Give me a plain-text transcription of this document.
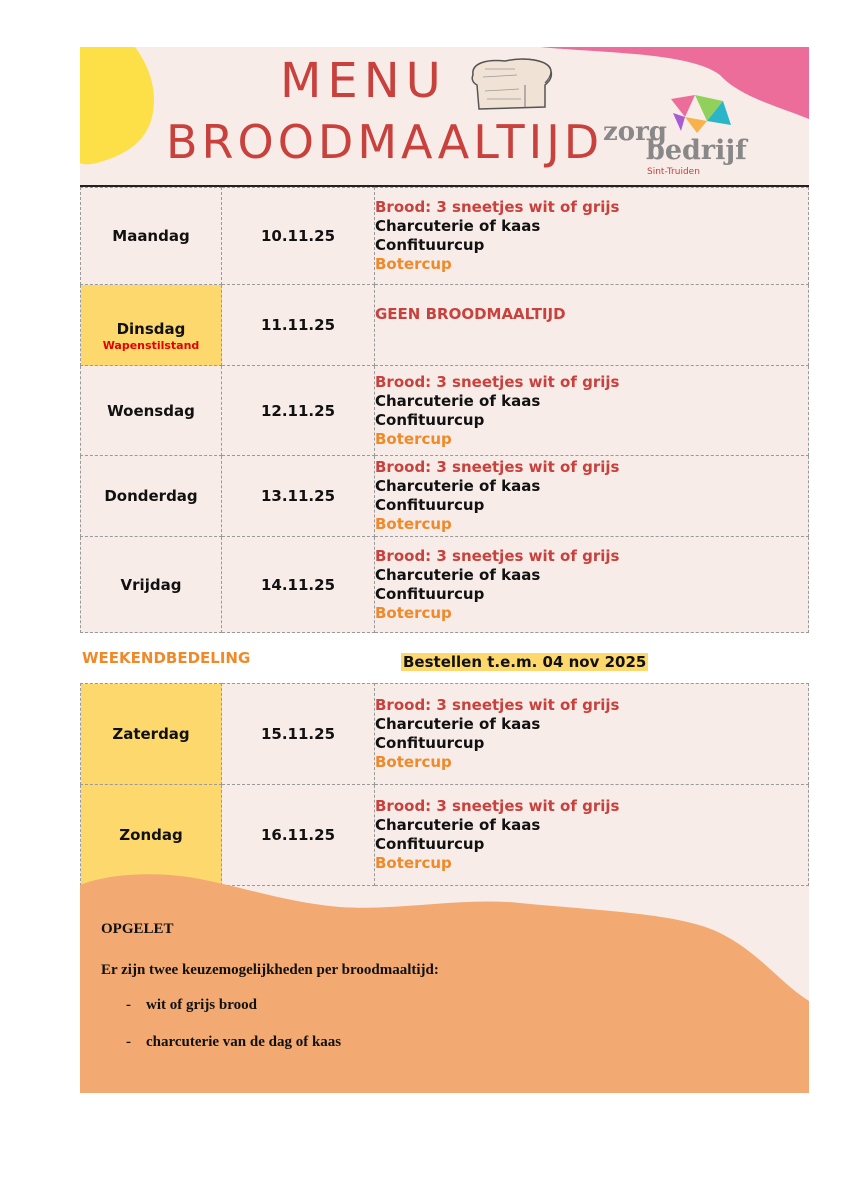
MENU
BROODMAALTIJD zorg
bedrijf
Sint-Truiden
Maandag	10.11.25	Brood: 3 sneetjes wit of grijs
Charcuterie of kaas
Confituurcup
Botercup

Dinsdag
Wapenstilstand	11.11.25	GEEN BROODMAALTIJD

Woensdag	12.11.25	Brood: 3 sneetjes wit of grijs
Charcuterie of kaas
Confituurcup
Botercup

Donderdag	13.11.25	Brood: 3 sneetjes wit of grijs
Charcuterie of kaas
Confituurcup
Botercup

Vrijdag	14.11.25	Brood: 3 sneetjes wit of grijs
Charcuterie of kaas
Confituurcup
Botercup
WEEKENDBEDELING	Bestellen t.e.m. 04 nov 2025
Zaterdag	15.11.25	Brood: 3 sneetjes wit of grijs
Charcuterie of kaas
Confituurcup
Botercup

Zondag	16.11.25	Brood: 3 sneetjes wit of grijs
Charcuterie of kaas
Confituurcup
Botercup
OPGELET
Er zijn twee keuzemogelijkheden per broodmaaltijd:
-    wit of grijs brood
-    charcuterie van de dag of kaas
